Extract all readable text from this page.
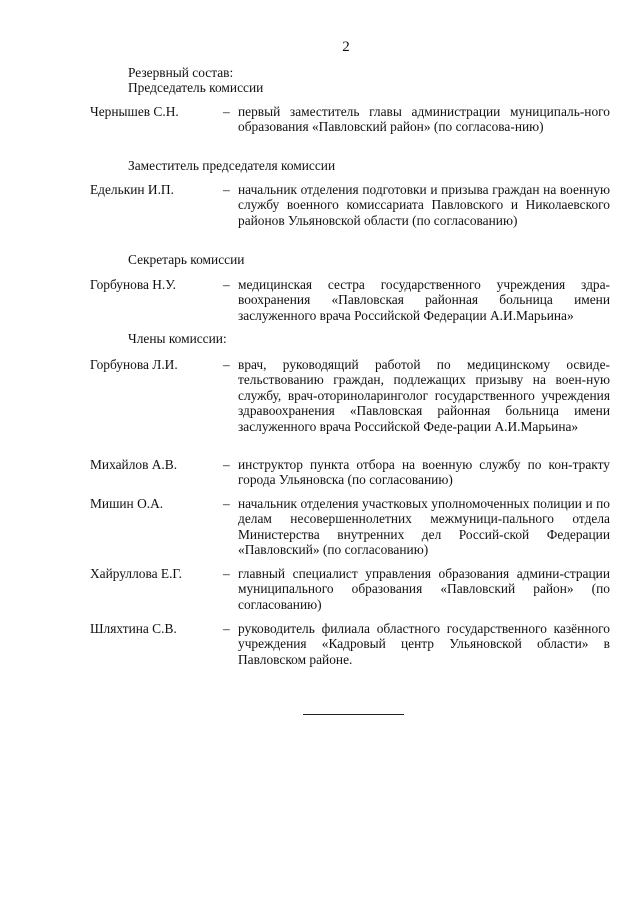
2
Резервный состав:
Председатель комиссии
Чернышев С.Н.	– первый заместитель главы администрации муниципаль-ного образования «Павловский район» (по согласова-нию)
Заместитель председателя комиссии
Еделькин И.П.	– начальник отделения подготовки и призыва граждан на военную службу военного комиссариата Павловского и Николаевского районов Ульяновской области (по согласованию)
Секретарь комиссии
Горбунова Н.У.	– медицинская сестра государственного учреждения здра-воохранения «Павловская районная больница имени заслуженного врача Российской Федерации А.И.Марьина»
Члены комиссии:
Горбунова Л.И.	– врач, руководящий работой по медицинскому освиде-тельствованию граждан, подлежащих призыву на воен-ную службу, врач-оториноларинголог государственного учреждения здравоохранения «Павловская районная больница имени заслуженного врача Российской Феде-рации А.И.Марьина»
Михайлов А.В.	– инструктор пункта отбора на военную службу по кон-тракту города Ульяновска (по согласованию)
Мишин О.А.	– начальник отделения участковых уполномоченных полиции и по делам несовершеннолетних межмуници-пального отдела Министерства внутренних дел Россий-ской Федерации «Павловский» (по согласованию)
Хайруллова Е.Г.	– главный специалист управления образования админи-страции муниципального образования «Павловский район» (по согласованию)
Шляхтина С.В.	– руководитель филиала областного государственного казённого учреждения «Кадровый центр Ульяновской области» в Павловском районе.
